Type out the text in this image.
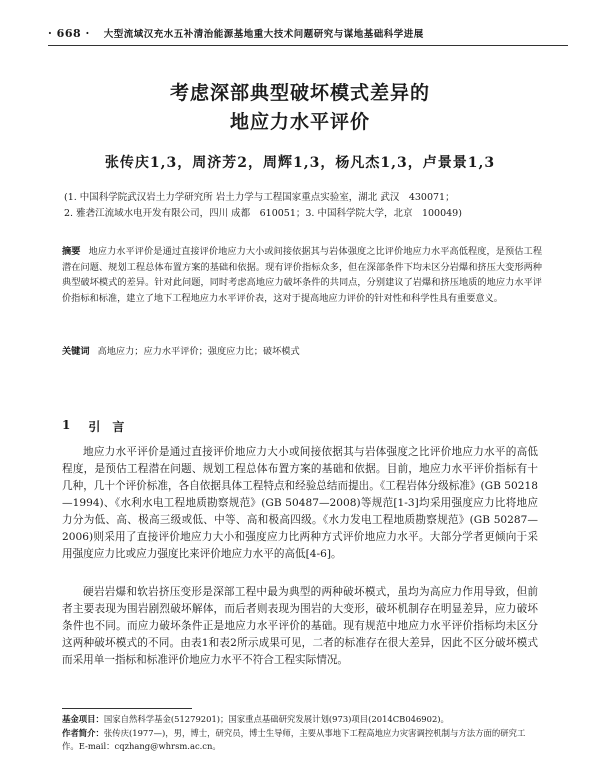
· 668 · 大型流域汉充水五补清治能源基地重大技术问题研究与谋地基础科学进展
考虑深部典型破坏模式差异的
地应力水平评价
张传庆1,3，周济芳2，周辉1,3，杨凡杰1,3，卢景景1,3
(1. 中国科学院武汉岩土力学研究所 岩土力学与工程国家重点实验室，湖北 武汉　430071；
2. 雅砻江流域水电开发有限公司，四川 成都　610051；3. 中国科学院大学，北京　100049)
摘要 地应力水平评价是通过直接评价地应力大小或间接依据其与岩体强度之比评价地应力水平高低程度，是预估工程潜在问题、规划工程总体布置方案的基础和依据。现有评价指标众多，但在深部条件下均未区分岩爆和挤压大变形两种典型破坏模式的差异。针对此问题，同时考虑高地应力破坏条件的共同点，分别建议了岩爆和挤压地质的地应力水平评价指标和标准，建立了地下工程地应力水平评价表，这对于提高地应力评价的针对性和科学性具有重要意义。
关键词 高地应力；应力水平评价；强度应力比；破坏模式
1 引　言
地应力水平评价是通过直接评价地应力大小或间接依据其与岩体强度之比评价地应力水平的高低程度，是预估工程潜在问题、规划工程总体布置方案的基础和依据。目前，地应力水平评价指标有十几种，几十个评价标准，各自依据具体工程特点和经验总结而提出。《工程岩体分级标准》(GB 50218—1994)、《水利水电工程地质勘察规范》(GB 50487—2008)等规范[1-3]均采用强度应力比将地应力分为低、高、极高三级或低、中等、高和极高四级。《水力发电工程地质勘察规范》(GB 50287—2006)则采用了直接评价地应力大小和强度应力比两种方式评价地应力水平。大部分学者更倾向于采用强度应力比或应力强度比来评价地应力水平的高低[4-6]。
硬岩岩爆和软岩挤压变形是深部工程中最为典型的两种破坏模式，虽均为高应力作用导致，但前者主要表现为围岩剧烈破坏解体，而后者则表现为围岩的大变形，破坏机制存在明显差异，应力破坏条件也不同。而应力破坏条件正是地应力水平评价的基础。现有规范中地应力水平评价指标均未区分这两种破坏模式的不同。由表1和表2所示成果可见，二者的标准存在很大差异，因此不区分破坏模式而采用单一指标和标准评价地应力水平不符合工程实际情况。
基金项目：国家自然科学基金(51279201)；国家重点基础研究发展计划(973)项目(2014CB046902)。
作者简介：张传庆(1977—)，男，博士，研究员，博士生导师，主要从事地下工程高地应力灾害调控机制与方法方面的研究工作。E-mail：cqzhang@whrsm.ac.cn。
